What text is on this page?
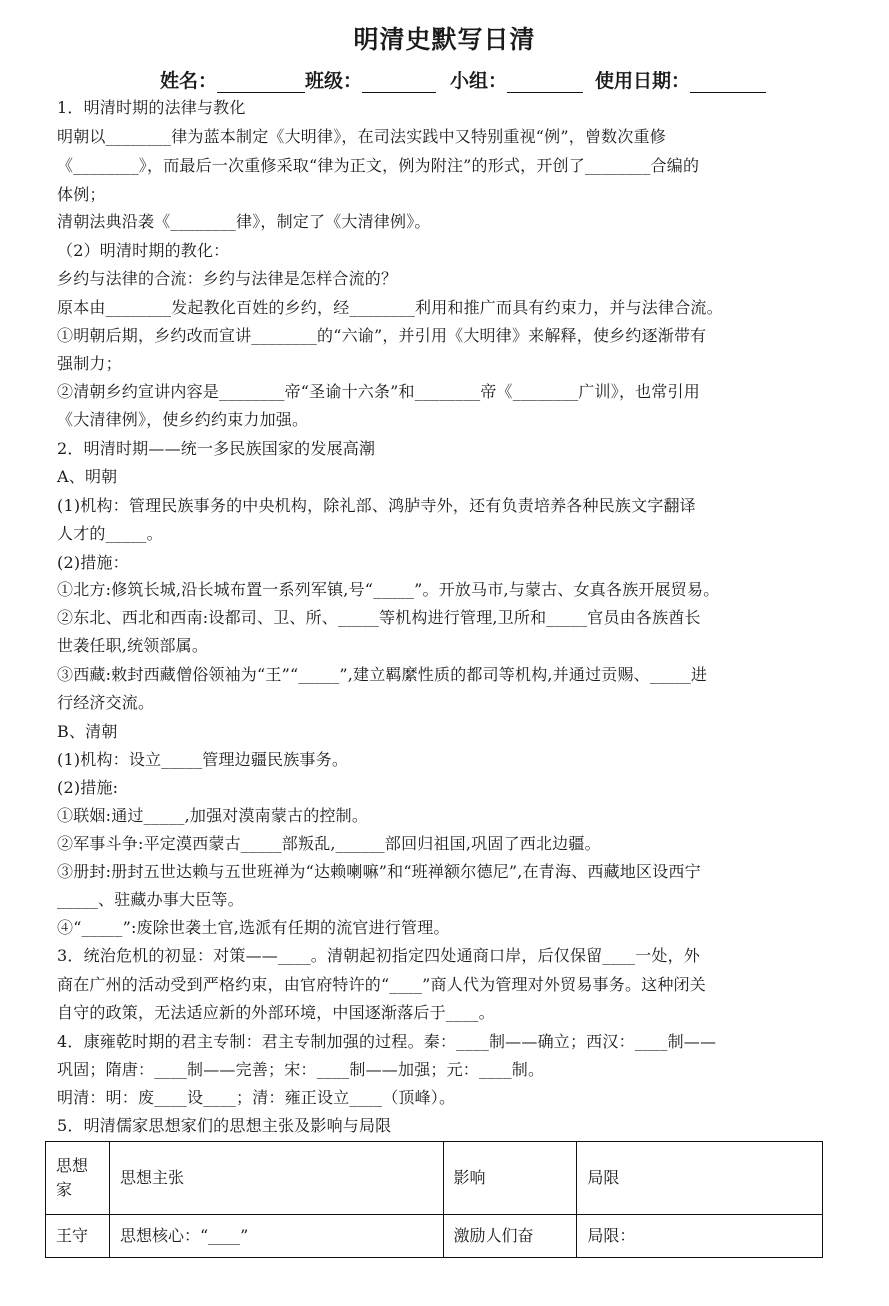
明清史默写日清
姓名：	班级：	小组：	使用日期：
1．明清时期的法律与教化
明朝以________律为蓝本制定《大明律》，在司法实践中又特别重视“例”，曾数次重修
《________》，而最后一次重修采取“律为正文，例为附注”的形式，开创了________合编的
体例；
清朝法典沿袭《________律》，制定了《大清律例》。
（2）明清时期的教化：
乡约与法律的合流：乡约与法律是怎样合流的？
原本由________发起教化百姓的乡约，经________利用和推广而具有约束力，并与法律合流。
①明朝后期，乡约改而宣讲________的“六谕”，并引用《大明律》来解释，使乡约逐渐带有
强制力；
②清朝乡约宣讲内容是________帝“圣谕十六条”和________帝《________广训》，也常引用
《大清律例》，使乡约约束力加强。
2．明清时期——统一多民族国家的发展高潮
A、明朝
(1)机构：管理民族事务的中央机构，除礼部、鸿胪寺外，还有负责培养各种民族文字翻译
人才的_____。
(2)措施：
①北方:修筑长城,沿长城布置一系列军镇,号“_____”。开放马市,与蒙古、女真各族开展贸易。
②东北、西北和西南:设都司、卫、所、_____等机构进行管理,卫所和_____官员由各族酋长
世袭任职,统领部属。
③西藏:敕封西藏僧俗领袖为“王”“_____”,建立羁縻性质的都司等机构,并通过贡赐、_____进
行经济交流。
B、清朝
(1)机构：设立_____管理边疆民族事务。
(2)措施:
①联姻:通过_____,加强对漠南蒙古的控制。
②军事斗争:平定漠西蒙古_____部叛乱,______部回归祖国,巩固了西北边疆。
③册封:册封五世达赖与五世班禅为“达赖喇嘛”和“班禅额尔德尼”,在青海、西藏地区设西宁
_____、驻藏办事大臣等。
④“_____”:废除世袭土官,选派有任期的流官进行管理。
3．统治危机的初显：对策——____。清朝起初指定四处通商口岸，后仅保留____一处，外
商在广州的活动受到严格约束，由官府特许的“____”商人代为管理对外贸易事务。这种闭关
自守的政策，无法适应新的外部环境，中国逐渐落后于____。
4．康雍乾时期的君主专制：君主专制加强的过程。秦：____制——确立；西汉：____制——
巩固；隋唐：____制——完善；宋：____制——加强；元：____制。
明清：明：废____设____；清：雍正设立____（顶峰）。
5．明清儒家思想家们的思想主张及影响与局限
思想家	思想主张	影响	局限
王守	思想核心：“____”	激励人们奋	局限：
